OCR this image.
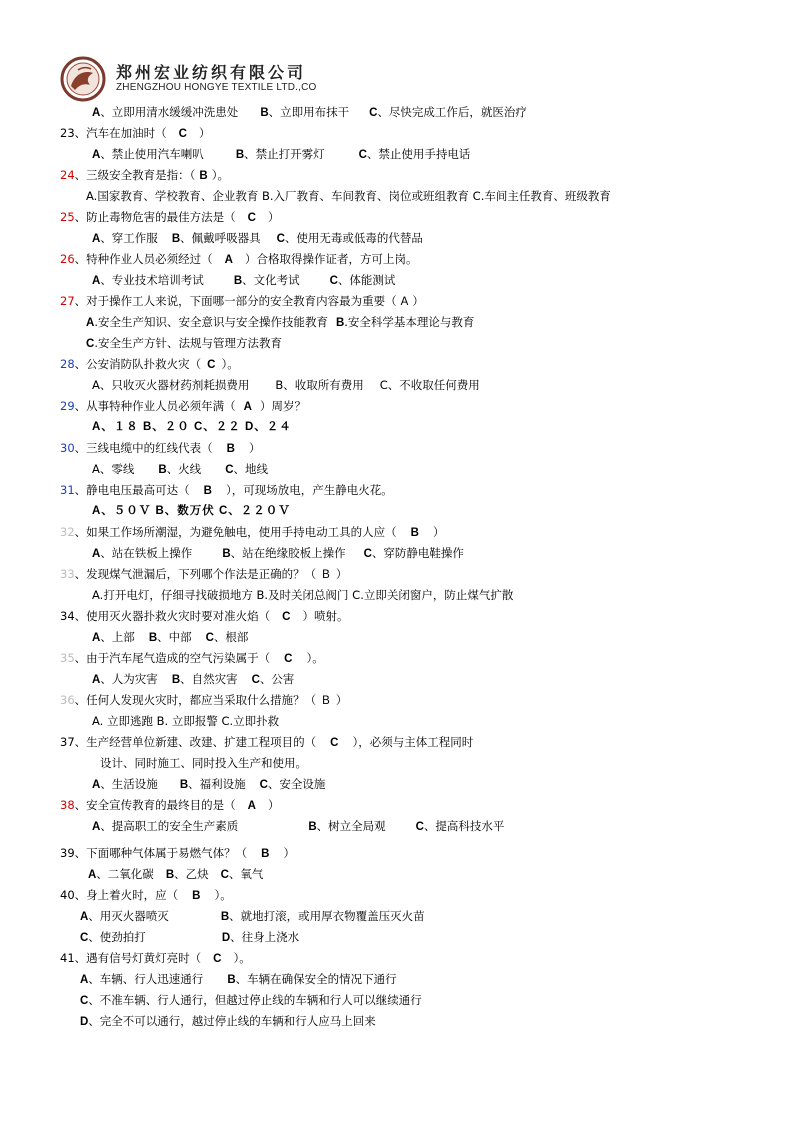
郑州宏业纺织有限公司
ZHENGZHOU HONGYE TEXTILE LTD.,CO
A、立即用清水缓缓冲洗患处 B、立即用布抹干 C、尽快完成工作后，就医治疗
23、汽车在加油时（ C ）
A、禁止使用汽车喇叭	B、禁止打开雾灯	C、禁止使用手持电话
24、三级安全教育是指：（ B ）。
A.国家教育、学校教育、企业教育 B.入厂教育、车间教育、岗位或班组教育 C.车间主任教育、班级教育
25、防止毒物危害的最佳方法是（ C ）
A、穿工作服 B、佩戴呼吸器具 C、使用无毒或低毒的代替品
26、特种作业人员必须经过（ A ）合格取得操作证者，方可上岗。
A、专业技术培训考试	B、文化考试	C、体能测试
27、对于操作工人来说，下面哪一部分的安全教育内容最为重要（ A ）
A.安全生产知识、安全意识与安全操作技能教育 B.安全科学基本理论与教育
C.安全生产方针、法规与管理方法教育
28、公安消防队扑救火灾（ C ）。
A、只收灭火器材药剂耗损费用 B、收取所有费用 C、不收取任何费用
29、从事特种作业人员必须年满（ A ）周岁？
A、１８ B、２０ C、２２ D、２４
30、三线电缆中的红线代表（ B ）
A、零线 B、火线 C、地线
31、静电电压最高可达（ B ），可现场放电，产生静电火花。
A、５０Ｖ B、数万伏 C、２２０Ｖ
32、如果工作场所潮湿，为避免触电，使用手持电动工具的人应（ B ）
A、站在铁板上操作	B、站在绝缘胶板上操作 C、穿防静电鞋操作
33、发现煤气泄漏后，下列哪个作法是正确的？（ B ）
A.打开电灯，仔细寻找破损地方 B.及时关闭总阀门 C.立即关闭窗户，防止煤气扩散
34、使用灭火器扑救火灾时要对准火焰（ C ）喷射。
A、上部 B、中部 C、根部
35、由于汽车尾气造成的空气污染属于（ C ）。
A、人为灾害 B、自然灾害 C、公害
36、任何人发现火灾时，都应当采取什么措施？（ B ）
A. 立即逃跑 B. 立即报警 C.立即扑救
37、生产经营单位新建、改建、扩建工程项目的（ C ），必须与主体工程同时
设计、同时施工、同时投入生产和使用。
A、生活设施 B、福利设施 C、安全设施
38、安全宣传教育的最终目的是（ A ）
A、提高职工的安全生产素质	B、树立全局观	C、提高科技水平
39、下面哪种气体属于易燃气体？（ B ）
A、二氧化碳 B、乙炔 C、氧气
40、身上着火时，应（ B ）。
A、用灭火器喷灭	B、就地打滚，或用厚衣物覆盖压灭火苗
C、使劲拍打	D、往身上浇水
41、遇有信号灯黄灯亮时（ C ）。
A、车辆、行人迅速通行 B、车辆在确保安全的情况下通行
C、不准车辆、行人通行，但越过停止线的车辆和行人可以继续通行
D、完全不可以通行，越过停止线的车辆和行人应马上回来
